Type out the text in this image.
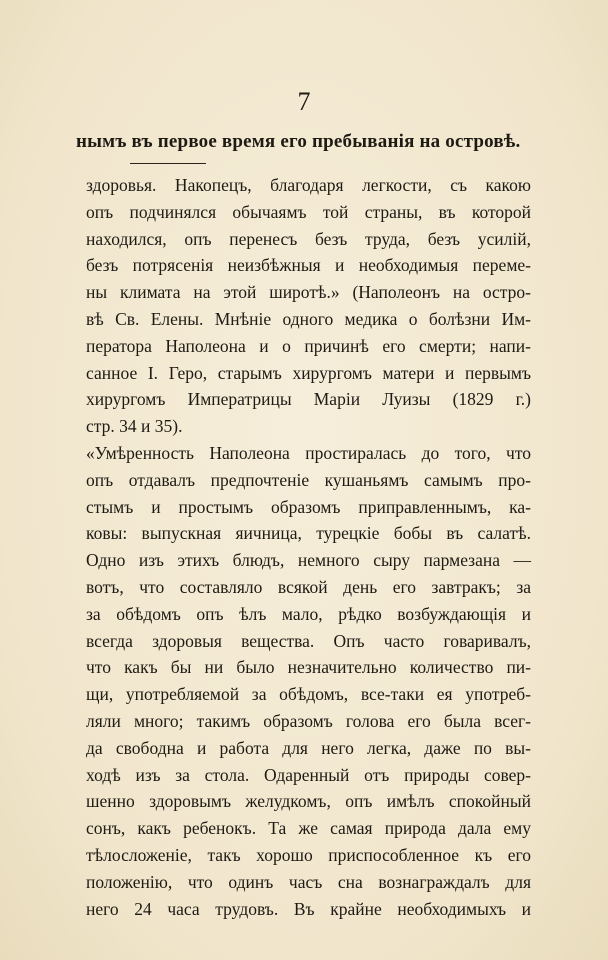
7
нымъ въ первое время его пребыванія на островѣ.
здоровья. Накопецъ, благодаря легкости, съ какою
опъ подчинялся обычаямъ той страны, въ которой
находился, опъ перенесъ безъ труда, безъ усилій,
безъ потрясенія неизбѣжныя и необходимыя переме-
ны климата на этой широтѣ.» (Наполеонъ на остро-
вѣ Св. Елены. Мнѣніе одного медика о болѣзни Им-
ператора Наполеона и о причинѣ его смерти; напи-
санное І. Геро, старымъ хирургомъ матери и первымъ
хирургомъ Императрицы Маріи Луизы (1829 г.)
стр. 34 и 35).
«Умѣренность Наполеона простиралась до того, что
опъ отдавалъ предпочтеніе кушаньямъ самымъ про-
стымъ и простымъ образомъ приправленнымъ, ка-
ковы: выпускная яичница, турецкіе бобы въ салатѣ.
Одно изъ этихъ блюдъ, немного сыру пармезана —
вотъ, что составляло всякой день его завтракъ; за
за обѣдомъ опъ ѣлъ мало, рѣдко возбуждающія и
всегда здоровыя вещества. Опъ часто говаривалъ,
что какъ бы ни было незначительно количество пи-
щи, употребляемой за обѣдомъ, все-таки ея употреб-
ляли много; такимъ образомъ голова его была всег-
да свободна и работа для него легка, даже по вы-
ходѣ изъ за стола. Одаренный отъ природы совер-
шенно здоровымъ желудкомъ, опъ имѣлъ спокойный
сонъ, какъ ребенокъ. Та же самая природа дала ему
тѣлосложеніе, такъ хорошо приспособленное къ его
положенію, что одинъ часъ сна вознаграждалъ для
него 24 часа трудовъ. Въ крайне необходимыхъ и
